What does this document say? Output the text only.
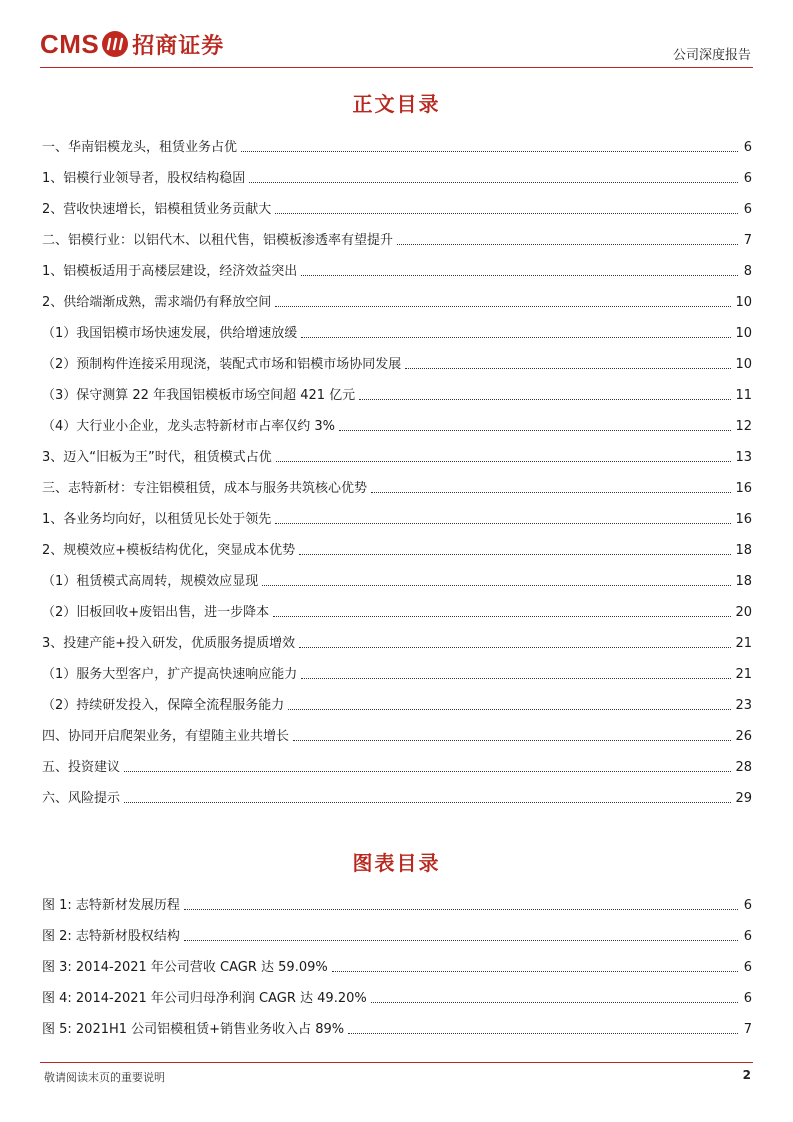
CMS 招商证券	公司深度报告
正文目录
一、华南铝模龙头，租赁业务占优	6
1、铝模行业领导者，股权结构稳固	6
2、营收快速增长，铝模租赁业务贡献大	6
二、铝模行业：以铝代木、以租代售，铝模板渗透率有望提升	7
1、铝模板适用于高楼层建设，经济效益突出	8
2、供给端渐成熟，需求端仍有释放空间	10
（1）我国铝模市场快速发展，供给增速放缓	10
（2）预制构件连接采用现浇，装配式市场和铝模市场协同发展	10
（3）保守测算 22 年我国铝模板市场空间超 421 亿元	11
（4）大行业小企业，龙头志特新材市占率仅约 3%	12
3、迈入“旧板为王”时代，租赁模式占优	13
三、志特新材：专注铝模租赁，成本与服务共筑核心优势	16
1、各业务均向好，以租赁见长处于领先	16
2、规模效应+模板结构优化，突显成本优势	18
（1）租赁模式高周转，规模效应显现	18
（2）旧板回收+废铝出售，进一步降本	20
3、投建产能+投入研发，优质服务提质增效	21
（1）服务大型客户，扩产提高快速响应能力	21
（2）持续研发投入，保障全流程服务能力	23
四、协同开启爬架业务，有望随主业共增长	26
五、投资建议	28
六、风险提示	29
图表目录
图 1: 志特新材发展历程	6
图 2: 志特新材股权结构	6
图 3: 2014-2021 年公司营收 CAGR 达 59.09%	6
图 4: 2014-2021 年公司归母净利润 CAGR 达 49.20%	6
图 5: 2021H1 公司铝模租赁+销售业务收入占 89%	7
敬请阅读末页的重要说明	2
